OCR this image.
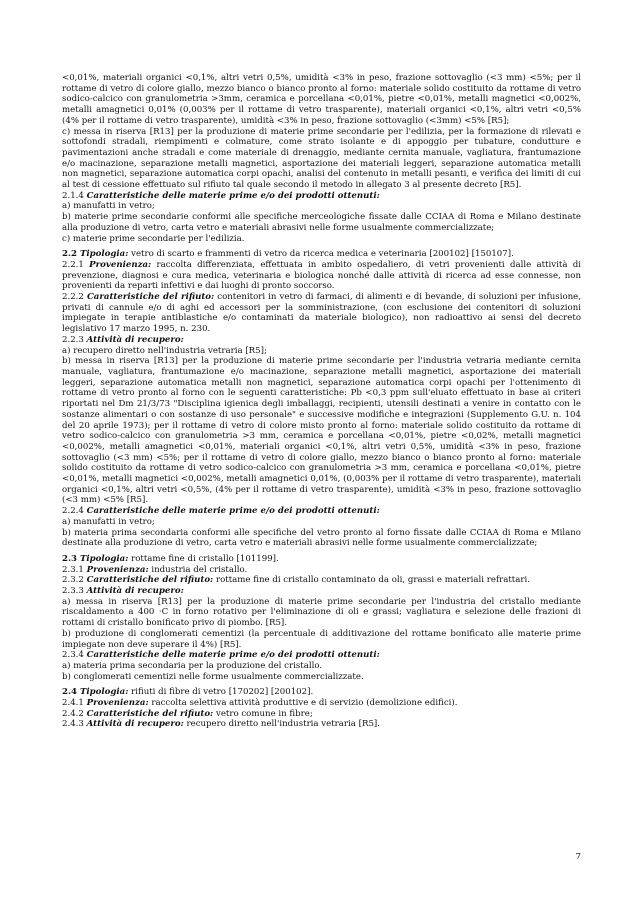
<0,01%, materiali organici <0,1%, altri vetri 0,5%, umidità <3% in peso, frazione sottovaglio (<3 mm) <5%; per il rottame di vetro di colore giallo, mezzo bianco o bianco pronto al forno: materiale solido costituito da rottame di vetro sodico-calcico con granulometria >3mm, ceramica e porcellana <0,01%, pietre <0,01%, metalli magnetici <0,002%, metalli amagnetici 0,01% (0,003% per il rottame di vetro trasparente), materiali organici <0,1%, altri vetri <0,5% (4% per il rottame di vetro trasparente), umidità <3% in peso, frazione sottovaglio (<3mm) <5% [R5];

c) messa in riserva [R13] per la produzione di materie prime secondarie per l'edilizia, per la formazione di rilevati e sottofondi stradali, riempimenti e colmature, come strato isolante e di appoggio per tubature, condutture e pavimentazioni anche stradali e come materiale di drenaggio, mediante cernita manuale, vagliatura, frantumazione e/o macinazione, separazione metalli magnetici, asportazione dei materiali leggeri, separazione automatica metalli non magnetici, separazione automatica corpi opachi, analisi del contenuto in metalli pesanti, e verifica dei limiti di cui al test di cessione effettuato sul rifiuto tal quale secondo il metodo in allegato 3 al presente decreto [R5].

2.1.4 Caratteristiche delle materie prime e/o dei prodotti ottenuti:

a) manufatti in vetro;

b) materie prime secondarie conformi alle specifiche merceologiche fissate dalle CCIAA di Roma e Milano destinate alla produzione di vetro, carta vetro e materiali abrasivi nelle forme usualmente commercializzate;

c) materie prime secondarie per l'edilizia.

2.2 Tipologia: vetro di scarto e frammenti di vetro da ricerca medica e veterinaria [200102] [150107].

2.2.1 Provenienza: raccolta differenziata, effettuata in ambito ospedaliero, di vetri provenienti dalle attività di prevenzione, diagnosi e cura medica, veterinaria e biologica nonché dalle attività di ricerca ad esse connesse, non provenienti da reparti infettivi e dai luoghi di pronto soccorso.

2.2.2 Caratteristiche del rifiuto: contenitori in vetro di farmaci, di alimenti e di bevande, di soluzioni per infusione, privati di cannule e/o di aghi ed accessori per la somministrazione, (con esclusione dei contenitori di soluzioni impiegate in terapie antiblastiche e/o contaminati da materiale biologico), non radioattivo ai sensi del decreto legislativo 17 marzo 1995, n. 230.

2.2.3 Attività di recupero:

a) recupero diretto nell'industria vetraria [R5];

b) messa in riserva [R13] per la produzione di materie prime secondarie per l'industria vetraria mediante cernita manuale, vagliatura, frantumazione e/o macinazione, separazione metalli magnetici, asportazione dei materiali leggeri, separazione automatica metalli non magnetici, separazione automatica corpi opachi per l'ottenimento di rottame di vetro pronto al forno con le seguenti caratteristiche: Pb <0,3 ppm sull'eluato effettuato in base ai criteri riportati nel Dm 21/3/73 "Disciplina igienica degli imballaggi, recipienti, utensili destinati a venire in contatto con le sostanze alimentari o con sostanze di uso personale" e successive modifiche e integrazioni (Supplemento G.U. n. 104 del 20 aprile 1973); per il rottame di vetro di colore misto pronto al forno: materiale solido costituito da rottame di vetro sodico-calcico con granulometria >3 mm, ceramica e porcellana <0,01%, pietre <0,02%, metalli magnetici <0,002%, metalli amagnetici <0,01%, materiali organici <0,1%, altri vetri 0,5%, umidità <3% in peso, frazione sottovaglio (<3 mm) <5%; per il rottame di vetro di colore giallo, mezzo bianco o bianco pronto al forno: materiale solido costituito da rottame di vetro sodico-calcico con granulometria >3 mm, ceramica e porcellana <0,01%, pietre <0,01%, metalli magnetici <0,002%, metalli amagnetici 0,01%, (0,003% per il rottame di vetro trasparente), materiali organici <0,1%, altri vetri <0,5%, (4% per il rottame di vetro trasparente), umidità <3% in peso, frazione sottovaglio (<3 mm) <5% [R5].

2.2.4 Caratteristiche delle materie prime e/o dei prodotti ottenuti:

a) manufatti in vetro;

b) materia prima secondaria conformi alle specifiche del vetro pronto al forno fissate dalle CCIAA di Roma e Milano destinate alla produzione di vetro, carta vetro e materiali abrasivi nelle forme usualmente commercializzate;

2.3 Tipologia: rottame fine di cristallo [101199].

2.3.1 Provenienza: industria del cristallo.

2.3.2 Caratteristiche del rifiuto: rottame fine di cristallo contaminato da oli, grassi e materiali refrattari.

2.3.3 Attività di recupero:

a) messa in riserva [R13] per la produzione di materie prime secondarie per l'industria del cristallo mediante riscaldamento a 400 ·C in forno rotativo per l'eliminazione di oli e grassi; vagliatura e selezione delle frazioni di rottami di cristallo bonificato privo di piombo. [R5].

b) produzione di conglomerati cementizi (la percentuale di additivazione del rottame bonificato alle materie prime impiegate non deve superare il 4%) [R5].

2.3.4 Caratteristiche delle materie prime e/o dei prodotti ottenuti:

a) materia prima secondaria per la produzione del cristallo.

b) conglomerati cementizi nelle forme usualmente commercializzate.

2.4 Tipologia: rifiuti di fibre di vetro [170202] [200102].

2.4.1 Provenienza: raccolta selettiva attività produttive e di servizio (demolizione edifici).

2.4.2 Caratteristiche del rifiuto: vetro comune in fibre;

2.4.3 Attività di recupero: recupero diretto nell'industria vetraria [R5].

7
